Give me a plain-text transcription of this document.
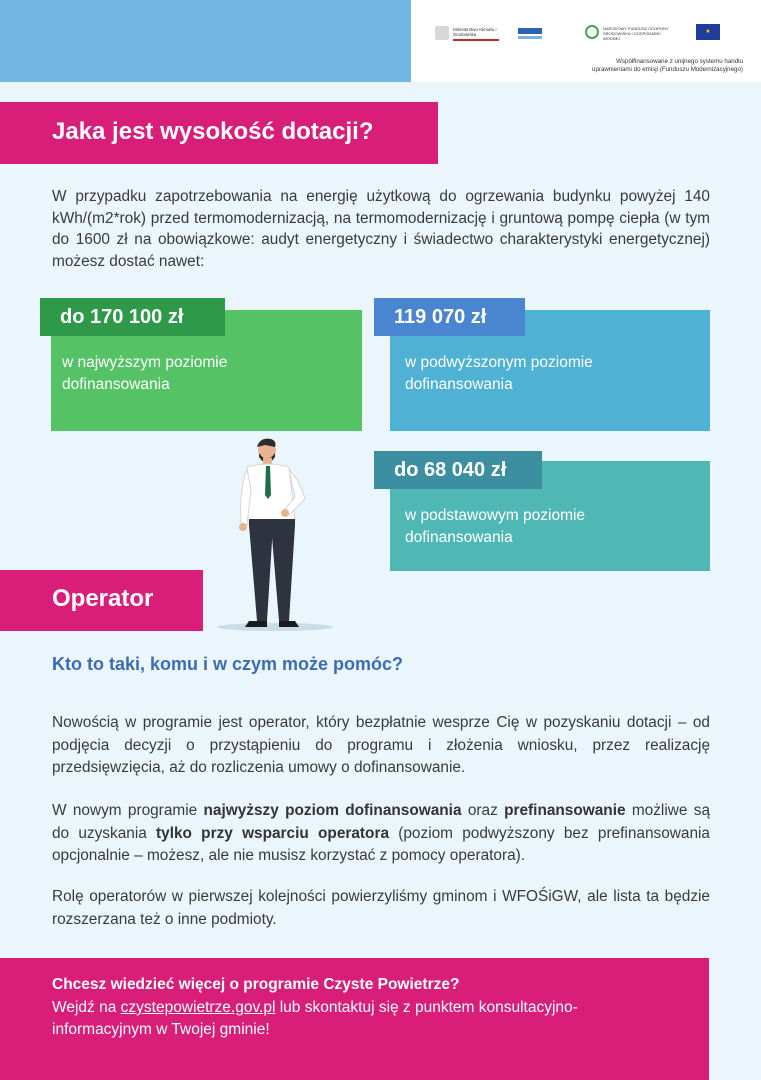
Ministerstwo Klimatu i Środowiska
NARODOWY FUNDUSZ OCHRONY ŚRODOWISKA I GOSPODARKI WODNEJ
★
Współfinansowane z unijnego systemu handlu
uprawnieniami do emisji (Funduszu Modernizacyjnego)
Jaka jest wysokość dotacji?

W przypadku zapotrzebowania na energię użytkową do ogrzewania budynku powyżej 140 kWh/(m2*rok) przed termomodernizacją, na termomodernizację i gruntową pompę ciepła (w tym do 1600 zł na obowiązkowe: audyt energetyczny i świadectwo charakterystyki energetycznej) możesz dostać nawet:

do 170 100 zł
w najwyższym poziomie
dofinansowania
119 070 zł
w podwyższonym poziomie
dofinansowania
do 68 040 zł
w podstawowym poziomie
dofinansowania
Operator
Kto to taki, komu i w czym może pomóc?

Nowością w programie jest operator, który bezpłatnie wesprze Cię w pozyskaniu dotacji – od podjęcia decyzji o przystąpieniu do programu i złożenia wniosku, przez realizację przedsięwzięcia, aż do rozliczenia umowy o dofinansowanie.

W nowym programie najwyższy poziom dofinansowania oraz prefinansowanie możliwe są do uzyskania tylko przy wsparciu operatora (poziom podwyższony bez prefinansowania opcjonalnie – możesz, ale nie musisz korzystać z pomocy operatora).

Rolę operatorów w pierwszej kolejności powierzyliśmy gminom i WFOŚiGW, ale lista ta będzie rozszerzana też o inne podmioty.

Chcesz wiedzieć więcej o programie Czyste Powietrze?

Wejdź na czystepowietrze.gov.pl lub skontaktuj się z punktem konsultacyjno-informacyjnym w Twojej gminie!
